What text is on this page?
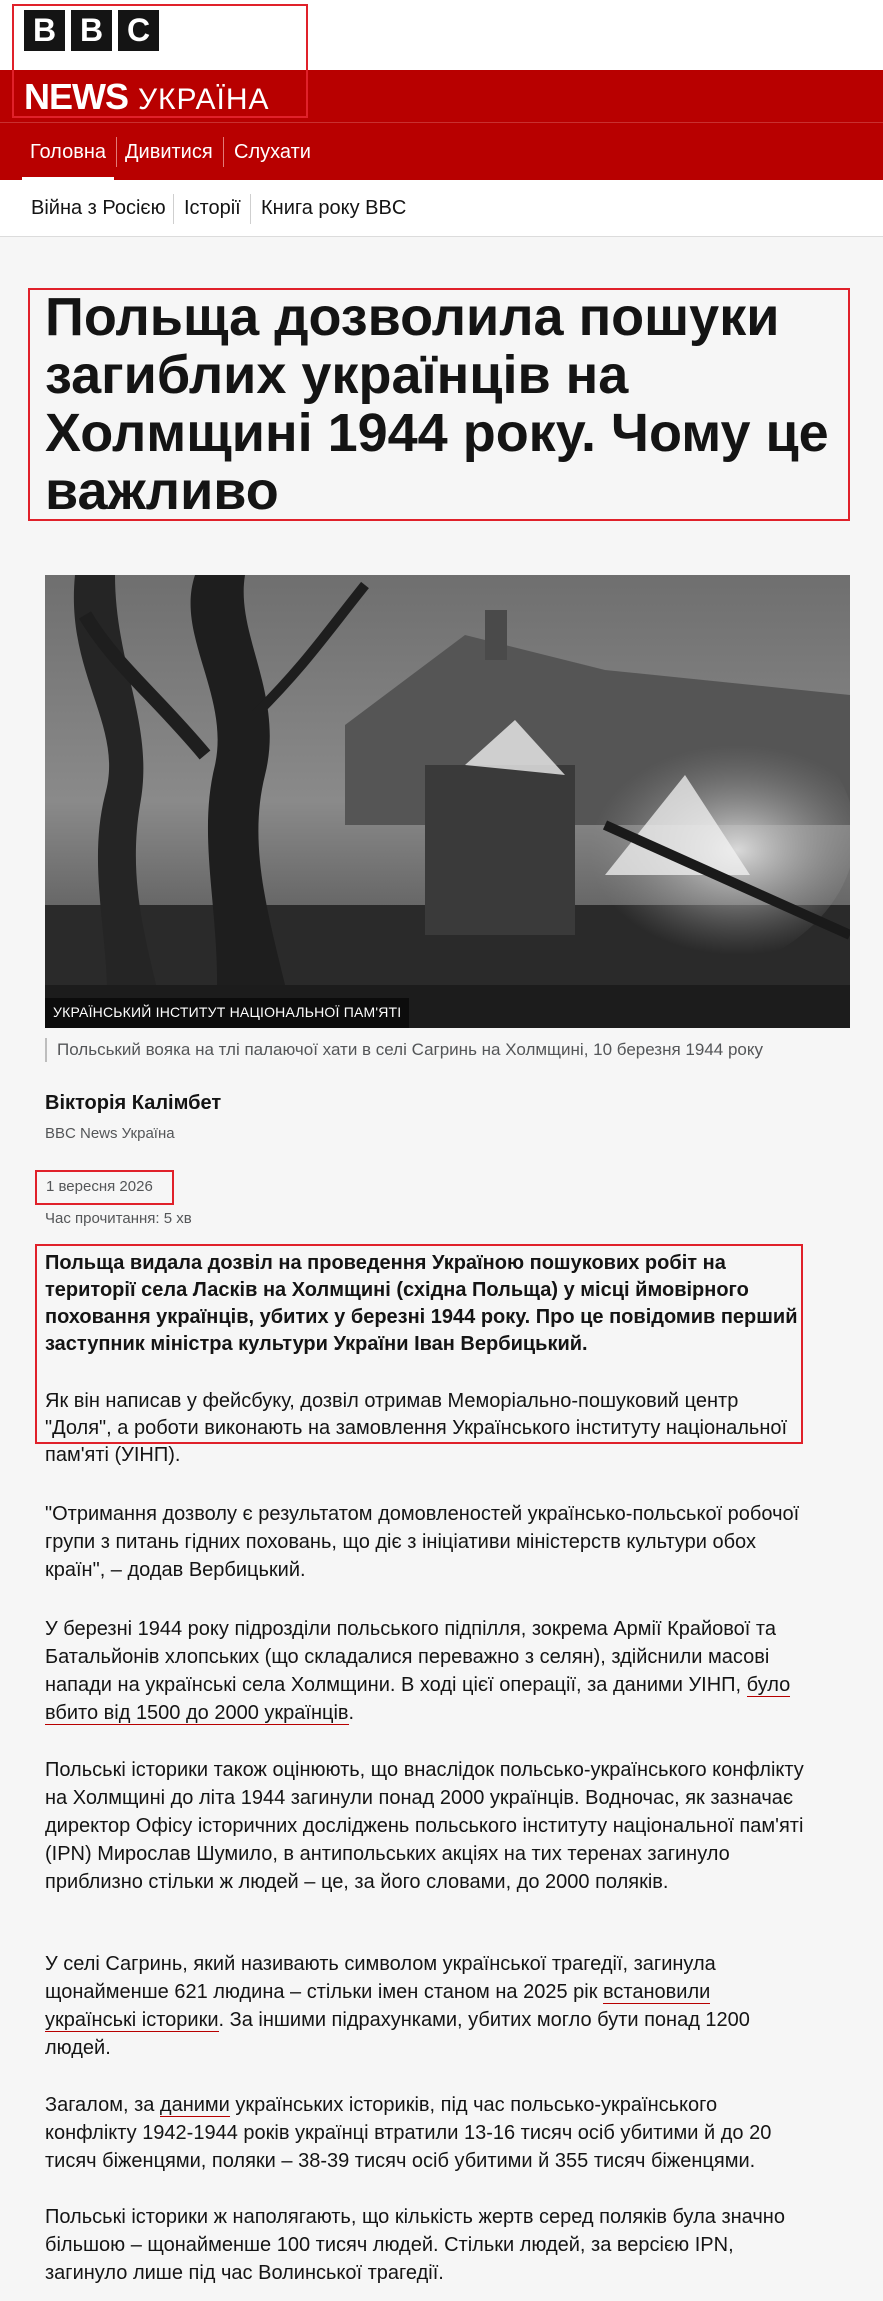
B B C
NEWS УКРАЇНА
Головна Дивитися	Слухати
Війна з Росією Історії Книга року BBC
Польща дозволила пошуки загиблих українців на Холмщині 1944 року. Чому це важливо
УКРАЇНСЬКИЙ ІНСТИТУТ НАЦІОНАЛЬНОЇ ПАМ'ЯТІ

Польський вояка на тлі палаючої хати в селі Сагринь на Холмщині, 10 березня 1944 року

Вікторія Калімбет
BBC News Україна
1 вересня 2026
Час прочитання: 5 хв

Польща видала дозвіл на проведення Україною пошукових робіт на території села Ласків на Холмщині (східна Польща) у місці ймовірного поховання українців, убитих у березні 1944 року. Про це повідомив перший заступник міністра культури України Іван Вербицький.

Як він написав у фейсбуку, дозвіл отримав Меморіально-пошуковий центр "Доля", а роботи виконають на замовлення Українського інституту національної пам'яті (УІНП).

"Отримання дозволу є результатом домовленостей українсько-польської робочої групи з питань гідних поховань, що діє з ініціативи міністерств культури обох країн", – додав Вербицький.

У березні 1944 року підрозділи польського підпілля, зокрема Армії Крайової та Батальйонів хлопських (що складалися переважно з селян), здійснили масові напади на українські села Холмщини. В ході цієї операції, за даними УІНП, було вбито від 1500 до 2000 українців.

Польські історики також оцінюють, що внаслідок польсько-українського конфлікту на Холмщині до літа 1944 загинули понад 2000 українців. Водночас, як зазначає директор Офісу історичних досліджень польського інституту національної пам'яті (IPN) Мирослав Шумило, в антипольських акціях на тих теренах загинуло приблизно стільки ж людей – це, за його словами, до 2000 поляків.

У селі Сагринь, який називають символом української трагедії, загинула щонайменше 621 людина – стільки імен станом на 2025 рік встановили українські історики. За іншими підрахунками, убитих могло бути понад 1200 людей.

Загалом, за даними українських істориків, під час польсько-українського конфлікту 1942-1944 років українці втратили 13-16 тисяч осіб убитими й до 20 тисяч біженцями, поляки – 38-39 тисяч осіб убитими й 355 тисяч біженцями.

Польські історики ж наполягають, що кількість жертв серед поляків була значно більшою – щонайменше 100 тисяч людей. Стільки людей, за версією IPN, загинуло лише під час Волинської трагедії.
